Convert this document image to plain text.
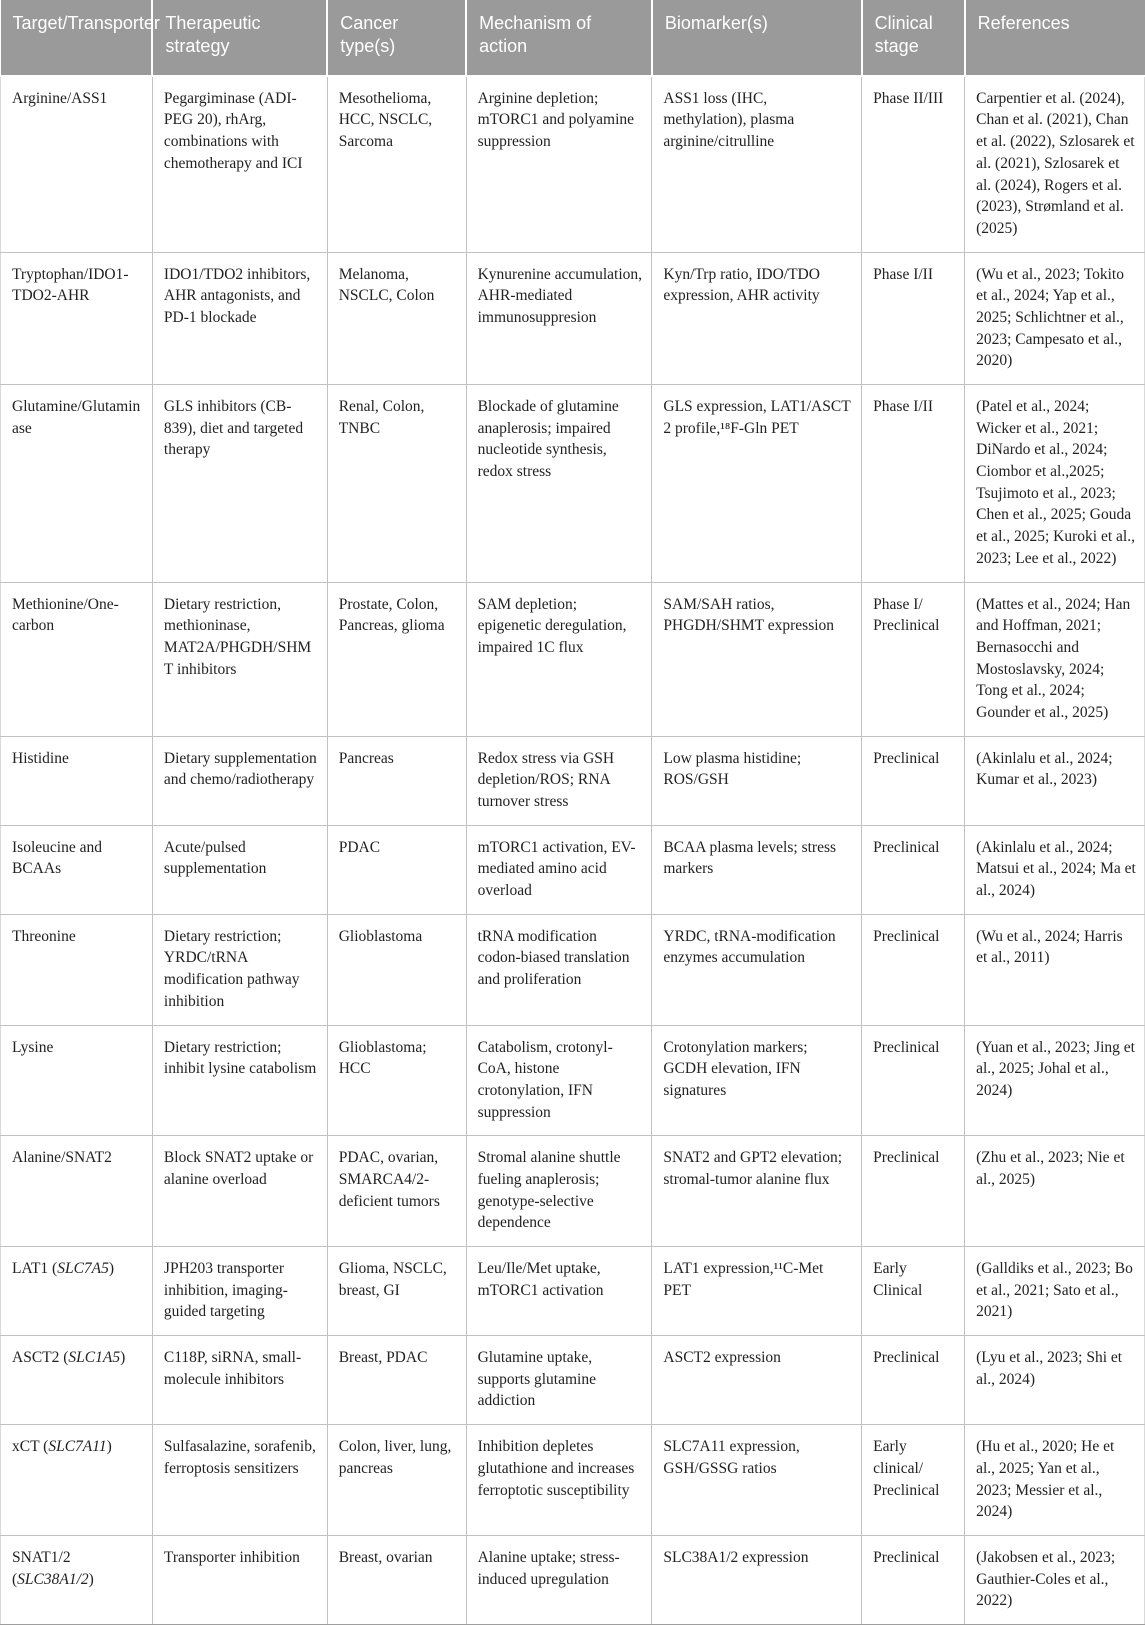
Target/Transporter	Therapeutic strategy	Cancer type(s)	Mechanism of action	Biomarker(s)	Clinical stage	References
Arginine/ASS1	Pegargiminase (ADI-PEG 20), rhArg, combinations with chemotherapy and ICI	Mesothelioma, HCC, NSCLC, Sarcoma	Arginine depletion; mTORC1 and polyamine suppression	ASS1 loss (IHC, methylation), plasma arginine/citrulline	Phase II/III	Carpentier et al. (2024), Chan et al. (2021), Chan et al. (2022), Szlosarek et al. (2021), Szlosarek et al. (2024), Rogers et al. (2023), Strømland et al. (2025)
Tryptophan/IDO1-TDO2-AHR	IDO1/TDO2 inhibitors, AHR antagonists, and PD-1 blockade	Melanoma, NSCLC, Colon	Kynurenine accumulation, AHR-mediated immunosuppresion	Kyn/Trp ratio, IDO/TDO expression, AHR activity	Phase I/II	(Wu et al., 2023; Tokito et al., 2024; Yap et al., 2025; Schlichtner et al., 2023; Campesato et al., 2020)
Glutamine/Glutaminase	GLS inhibitors (CB-839), diet and targeted therapy	Renal, Colon, TNBC	Blockade of glutamine anaplerosis; impaired nucleotide synthesis, redox stress	GLS expression, LAT1/ASCT 2 profile,¹⁸F-Gln PET	Phase I/II	(Patel et al., 2024; Wicker et al., 2021; DiNardo et al., 2024; Ciombor et al.,2025; Tsujimoto et al., 2023; Chen et al., 2025; Gouda et al., 2025; Kuroki et al., 2023; Lee et al., 2022)
Methionine/One-carbon	Dietary restriction, methioninase, MAT2A/PHGDH/SHMT inhibitors	Prostate, Colon, Pancreas, glioma	SAM depletion; epigenetic deregulation, impaired 1C flux	SAM/SAH ratios, PHGDH/SHMT expression	Phase I/ Preclinical	(Mattes et al., 2024; Han and Hoffman, 2021; Bernasocchi and Mostoslavsky, 2024; Tong et al., 2024; Gounder et al., 2025)
Histidine	Dietary supplementation and chemo/radiotherapy	Pancreas	Redox stress via GSH depletion/ROS; RNA turnover stress	Low plasma histidine; ROS/GSH	Preclinical	(Akinlalu et al., 2024; Kumar et al., 2023)
Isoleucine and BCAAs	Acute/pulsed supplementation	PDAC	mTORC1 activation, EV-mediated amino acid overload	BCAA plasma levels; stress markers	Preclinical	(Akinlalu et al., 2024; Matsui et al., 2024; Ma et al., 2024)
Threonine	Dietary restriction; YRDC/tRNA modification pathway inhibition	Glioblastoma	tRNA modification codon-biased translation and proliferation	YRDC, tRNA-modification enzymes accumulation	Preclinical	(Wu et al., 2024; Harris et al., 2011)
Lysine	Dietary restriction; inhibit lysine catabolism	Glioblastoma; HCC	Catabolism, crotonyl-CoA, histone crotonylation, IFN suppression	Crotonylation markers; GCDH elevation, IFN signatures	Preclinical	(Yuan et al., 2023; Jing et al., 2025; Johal et al., 2024)
Alanine/SNAT2	Block SNAT2 uptake or alanine overload	PDAC, ovarian, SMARCA4/2-deficient tumors	Stromal alanine shuttle fueling anaplerosis; genotype-selective dependence	SNAT2 and GPT2 elevation; stromal-tumor alanine flux	Preclinical	(Zhu et al., 2023; Nie et al., 2025)
LAT1 (SLC7A5)	JPH203 transporter inhibition, imaging-guided targeting	Glioma, NSCLC, breast, GI	Leu/Ile/Met uptake, mTORC1 activation	LAT1 expression,¹¹C-Met PET	Early Clinical	(Galldiks et al., 2023; Bo et al., 2021; Sato et al., 2021)
ASCT2 (SLC1A5)	C118P, siRNA, small-molecule inhibitors	Breast, PDAC	Glutamine uptake, supports glutamine addiction	ASCT2 expression	Preclinical	(Lyu et al., 2023; Shi et al., 2024)
xCT (SLC7A11)	Sulfasalazine, sorafenib, ferroptosis sensitizers	Colon, liver, lung, pancreas	Inhibition depletes glutathione and increases ferroptotic susceptibility	SLC7A11 expression, GSH/GSSG ratios	Early clinical/ Preclinical	(Hu et al., 2020; He et al., 2025; Yan et al., 2023; Messier et al., 2024)
SNAT1/2 (SLC38A1/2)	Transporter inhibition	Breast, ovarian	Alanine uptake; stress-induced upregulation	SLC38A1/2 expression	Preclinical	(Jakobsen et al., 2023; Gauthier-Coles et al., 2022)
